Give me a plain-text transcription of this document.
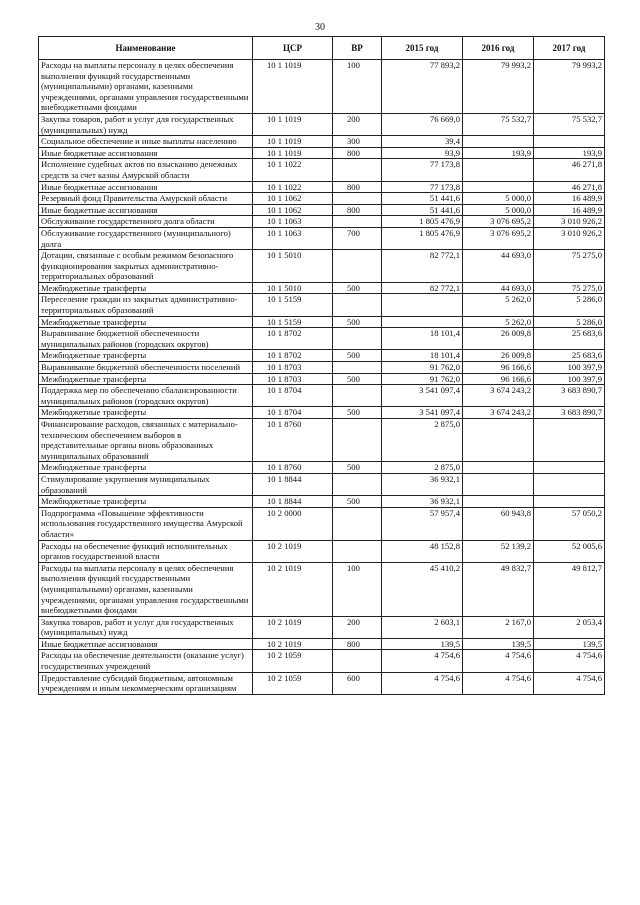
30
Наименование	ЦСР	ВР	2015 год	2016 год	2017 год
Расходы на выплаты персоналу в целях обеспечения выполнения функций государственными (муниципальными) органами, казенными учреждениями, органами управления государственными внебюджетными фондами	10 1 1019	100	77 893,2	79 993,2	79 993,2
Закупка товаров, работ и услуг для государственных (муниципальных) нужд	10 1 1019	200	76 669,0	75 532,7	75 532,7
Социальное обеспечение и иные выплаты населению	10 1 1019	300	39,4		
Иные бюджетные ассигнования	10 1 1019	800	93,9	193,9	193,9
Исполнение судебных актов по взысканию денежных средств за счет казны Амурской области	10 1 1022		77 173,8		46 271,8
Иные бюджетные ассигнования	10 1 1022	800	77 173,8		46 271,8
Резервный фонд Правительства Амурской области	10 1 1062		51 441,6	5 000,0	16 489,9
Иные бюджетные ассигнования	10 1 1062	800	51 441,6	5 000,0	16 489,9
Обслуживание государственного долга области	10 1 1063		1 805 476,9	3 076 695,2	3 010 926,2
Обслуживание государственного (муниципального) долга	10 1 1063	700	1 805 476,9	3 076 695,2	3 010 926,2
Дотации, связанные с особым режимом безопасного функционирования закрытых административно-территориальных образований	10 1 5010		82 772,1	44 693,0	75 275,0
Межбюджетные трансферты	10 1 5010	500	82 772,1	44 693,0	75 275,0
Переселение граждан из закрытых административно-территориальных образований	10 1 5159			5 262,0	5 286,0
Межбюджетные трансферты	10 1 5159	500		5 262,0	5 286,0
Выравнивание бюджетной обеспеченности муниципальных районов (городских округов)	10 1 8702		18 101,4	26 009,8	25 683,6
Межбюджетные трансферты	10 1 8702	500	18 101,4	26 009,8	25 683,6
Выравнивание бюджетной обеспеченности поселений	10 1 8703		91 762,0	96 166,6	100 397,9
Межбюджетные трансферты	10 1 8703	500	91 762,0	96 166,6	100 397,9
Поддержка мер по обеспечению сбалансированности муниципальных районов (городских округов)	10 1 8704		3 541 097,4	3 674 243,2	3 683 890,7
Межбюджетные трансферты	10 1 8704	500	3 541 097,4	3 674 243,2	3 683 890,7
Финансирование расходов, связанных с материально-техническим обеспечением выборов в представительные органы вновь образованных муниципальных образований	10 1 8760		2 875,0		
Межбюджетные трансферты	10 1 8760	500	2 875,0		
Стимулирование укрупнения муниципальных образований	10 1 8844		36 932,1		
Межбюджетные трансферты	10 1 8844	500	36 932,1		
Подпрограмма «Повышение эффективности использования государственного имущества Амурской области»	10 2 0000		57 957,4	60 943,8	57 050,2
Расходы на обеспечение функций исполнительных органов государственной власти	10 2 1019		48 152,8	52 139,2	52 005,6
Расходы на выплаты персоналу в целях обеспечения выполнения функций государственными (муниципальными) органами, казенными учреждениями, органами управления государственными внебюджетными фондами	10 2 1019	100	45 410,2	49 832,7	49 812,7
Закупка товаров, работ и услуг для государственных (муниципальных) нужд	10 2 1019	200	2 603,1	2 167,0	2 053,4
Иные бюджетные ассигнования	10 2 1019	800	139,5	139,5	139,5
Расходы на обеспечение деятельности (оказание услуг) государственных учреждений	10 2 1059		4 754,6	4 754,6	4 754,6
Предоставление субсидий бюджетным, автономным учреждениям и иным некоммерческим организациям	10 2 1059	600	4 754,6	4 754,6	4 754,6
